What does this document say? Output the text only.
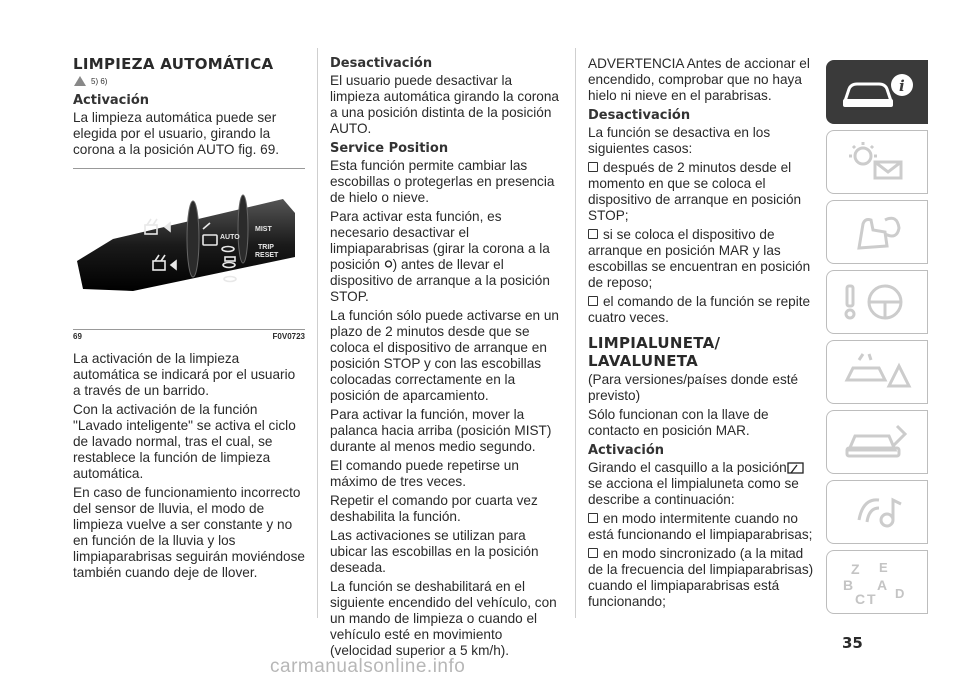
LIMPIEZA AUTOMÁTICA
5) 6)
Activación

La limpieza automática puede ser elegida por el usuario, girando la corona a la posición AUTO fig. 69.

AUTO
MIST
TRIP
RESET
69	F0V0723

La activación de la limpieza automática se indicará por el usuario a través de un barrido.

Con la activación de la función "Lavado inteligente" se activa el ciclo de lavado normal, tras el cual, se restablece la función de limpieza automática.

En caso de funcionamiento incorrecto del sensor de lluvia, el modo de limpieza vuelve a ser constante y no en función de la lluvia y los limpiaparabrisas seguirán moviéndose también cuando deje de llover.

Desactivación

El usuario puede desactivar la limpieza automática girando la corona a una posición distinta de la posición AUTO.

Service Position

Esta función permite cambiar las escobillas o protegerlas en presencia de hielo o nieve.

Para activar esta función, es necesario desactivar el limpiaparabrisas (girar la corona a la posición ) antes de llevar el dispositivo de arranque a la posición STOP.

La función sólo puede activarse en un plazo de 2 minutos desde que se coloca el dispositivo de arranque en posición STOP y con las escobillas colocadas correctamente en la posición de aparcamiento.

Para activar la función, mover la palanca hacia arriba (posición MIST) durante al menos medio segundo.

El comando puede repetirse un máximo de tres veces.

Repetir el comando por cuarta vez deshabilita la función.

Las activaciones se utilizan para ubicar las escobillas en la posición deseada.

La función se deshabilitará en el siguiente encendido del vehículo, con un mando de limpieza o cuando el vehículo esté en movimiento (velocidad superior a 5 km/h).

ADVERTENCIA Antes de accionar el encendido, comprobar que no haya hielo ni nieve en el parabrisas.

Desactivación

La función se desactiva en los siguientes casos:

después de 2 minutos desde el momento en que se coloca el dispositivo de arranque en posición STOP;

si se coloca el dispositivo de arranque en posición MAR y las escobillas se encuentran en posición de reposo;

el comando de la función se repite cuatro veces.

LIMPIALUNETA/ LAVALUNETA

(Para versiones/países donde esté previsto)

Sólo funcionan con la llave de contacto en posición MAR.

Activación

Girando el casquillo a la posición se acciona el limpialuneta como se describe a continuación:

en modo intermitente cuando no está funcionando el limpiaparabrisas;

en modo sincronizado (a la mitad de la frecuencia del limpiaparabrisas) cuando el limpiaparabrisas está funcionando;

i
Z E
B A
C T D
35
carmanualsonline.info
